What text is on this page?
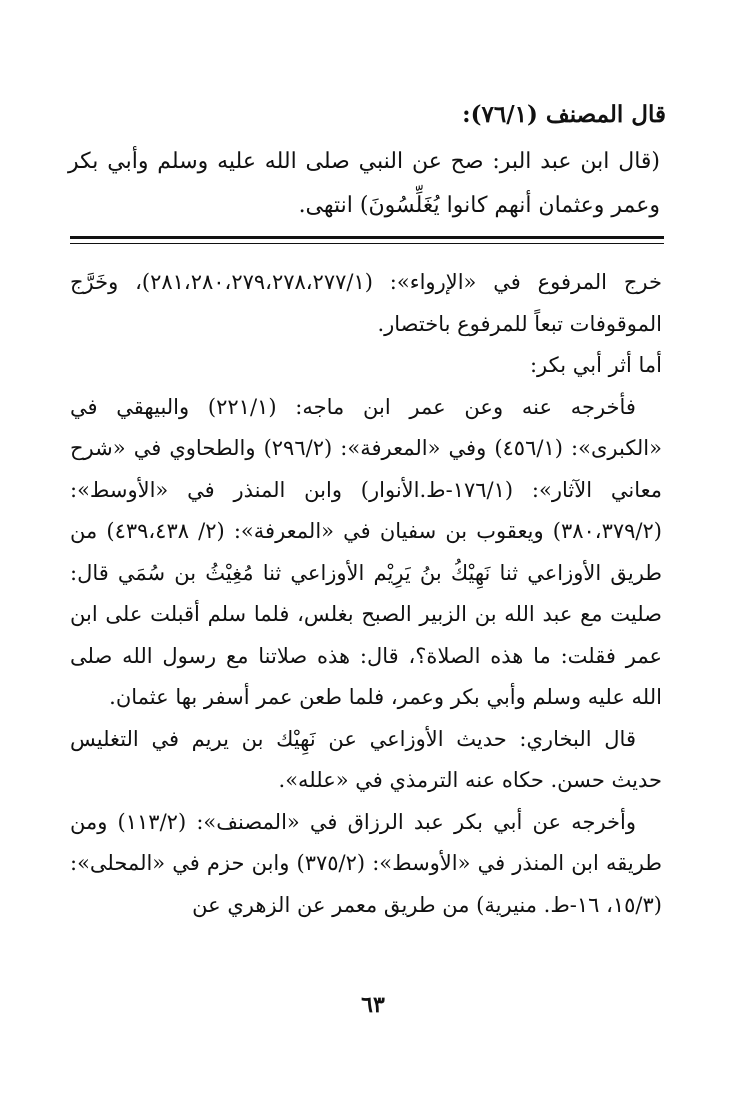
قال المصنف (٧٦/١):
(قال ابن عبد البر: صح عن النبي صلى الله عليه وسلم وأبي بكر وعمر وعثمان أنهم كانوا يُغَلِّسُونَ) انتهى.

خرج المرفوع في «الإرواء»: (٢٨١،٢٨٠،٢٧٩،٢٧٨،٢٧٧/١)، وخَرَّج الموقوفات تبعاً للمرفوع باختصار.

أما أثر أبي بكر:

فأخرجه عنه وعن عمر ابن ماجه: (٢٢١/١) والبيهقي في «الكبرى»: (٤٥٦/١) وفي «المعرفة»: (٢٩٦/٢) والطحاوي في «شرح معاني الآثار»: (١٧٦/١-ط.الأنوار) وابن المنذر في «الأوسط»: (٣٨٠،٣٧٩/٢) ويعقوب بن سفيان في «المعرفة»: (٢/ ٤٣٩،٤٣٨) من طريق الأوزاعي ثنا نَهِيْكُ بنُ يَرِيْم الأوزاعي ثنا مُغِيْثُ بن سُمَي قال: صليت مع عبد الله بن الزبير الصبح بغلس، فلما سلم أقبلت على ابن عمر فقلت: ما هذه الصلاة؟، قال: هذه صلاتنا مع رسول الله صلى الله عليه وسلم وأبي بكر وعمر، فلما طعن عمر أسفر بها عثمان.

قال البخاري: حديث الأوزاعي عن نَهِيْك بن يريم في التغليس حديث حسن. حكاه عنه الترمذي في «علله».

وأخرجه عن أبي بكر عبد الرزاق في «المصنف»: (١١٣/٢) ومن طريقه ابن المنذر في «الأوسط»: (٣٧٥/٢) وابن حزم في «المحلى»: (١٥/٣، ١٦-ط. منيرية) من طريق معمر عن الزهري عن

٦٣
